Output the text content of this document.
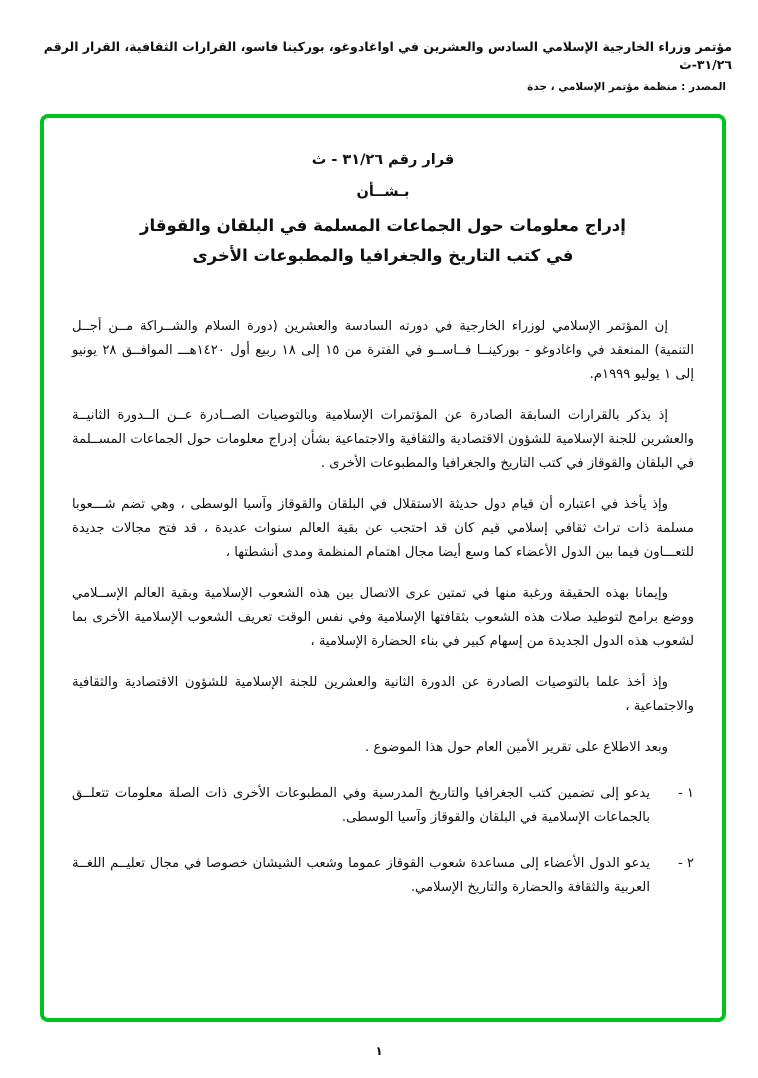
مؤتمر وزراء الخارجية الإسلامي السادس والعشرين في اواغادوغو، بوركينا فاسو، القرارات الثقافية، القرار الرقم ٣١/٢٦-ث
المصدر : منظمة مؤتمر الإسلامي ، جدة
قرار رقم ٣١/٢٦ - ث
بـشــأن
إدراج معلومات حول الجماعات المسلمة في البلقان والقوقاز
في كتب التاريخ والجغرافيا والمطبوعات الأخرى

إن المؤتمر الإسلامي لوزراء الخارجية في دورته السادسة والعشرين (دورة السلام والشــراكة مــن أجــل التنمية) المنعقد في واغادوغو - بوركينــا فــاســو في الفترة من ١٥ إلى ١٨ ربيع أول ١٤٢٠هـــ الموافــق ٢٨ يونيو إلى ١ يوليو ١٩٩٩م.

إذ يذكر بالقرارات السابقة الصادرة عن المؤتمرات الإسلامية وبالتوصيات الصــادرة عــن الــدورة الثانيــة والعشرين للجنة الإسلامية للشؤون الاقتصادية والثقافية والاجتماعية بشأن إدراج معلومات حول الجماعات المســلمة في البلقان والقوقاز في كتب التاريخ والجغرافيا والمطبوعات الأخرى .

وإذ يأخذ في اعتباره أن قيام دول حديثة الاستقلال في البلقان والقوقاز وآسيا الوسطى ، وهي تضم شـــعوبا مسلمة ذات تراث ثقافي إسلامي قيم كان قد احتجب عن بقية العالم سنوات عديدة ، قد فتح مجالات جديدة للتعـــاون فيما بين الدول الأعضاء كما وسع أيضا مجال اهتمام المنظمة ومدى أنشطتها ،

وإيمانا بهذه الحقيقة ورغبة منها في تمتين عرى الاتصال بين هذه الشعوب الإسلامية وبقية العالم الإســلامي ووضع برامج لتوطيد صلات هذه الشعوب بثقافتها الإسلامية وفي نفس الوقت تعريف الشعوب الإسلامية الأخرى بما لشعوب هذه الدول الجديدة من إسهام كبير في بناء الحضارة الإسلامية ،

وإذ أخذ علما بالتوصيات الصادرة عن الدورة الثانية والعشرين للجنة الإسلامية للشؤون الاقتصادية والثقافية والاجتماعية ،

وبعد الاطلاع على تقرير الأمين العام حول هذا الموضوع .

١ -
يدعو إلى تضمين كتب الجغرافيا والتاريخ المدرسية وفي المطبوعات الأخرى ذات الصلة معلومات تتعلــق بالجماعات الإسلامية في البلقان والقوقاز وآسيا الوسطى.
٢ -
يدعو الدول الأعضاء إلى مساعدة شعوب القوقاز عموما وشعب الشيشان خصوصا في مجال تعليــم اللغــة العربية والثقافة والحضارة والتاريخ الإسلامي.
١
